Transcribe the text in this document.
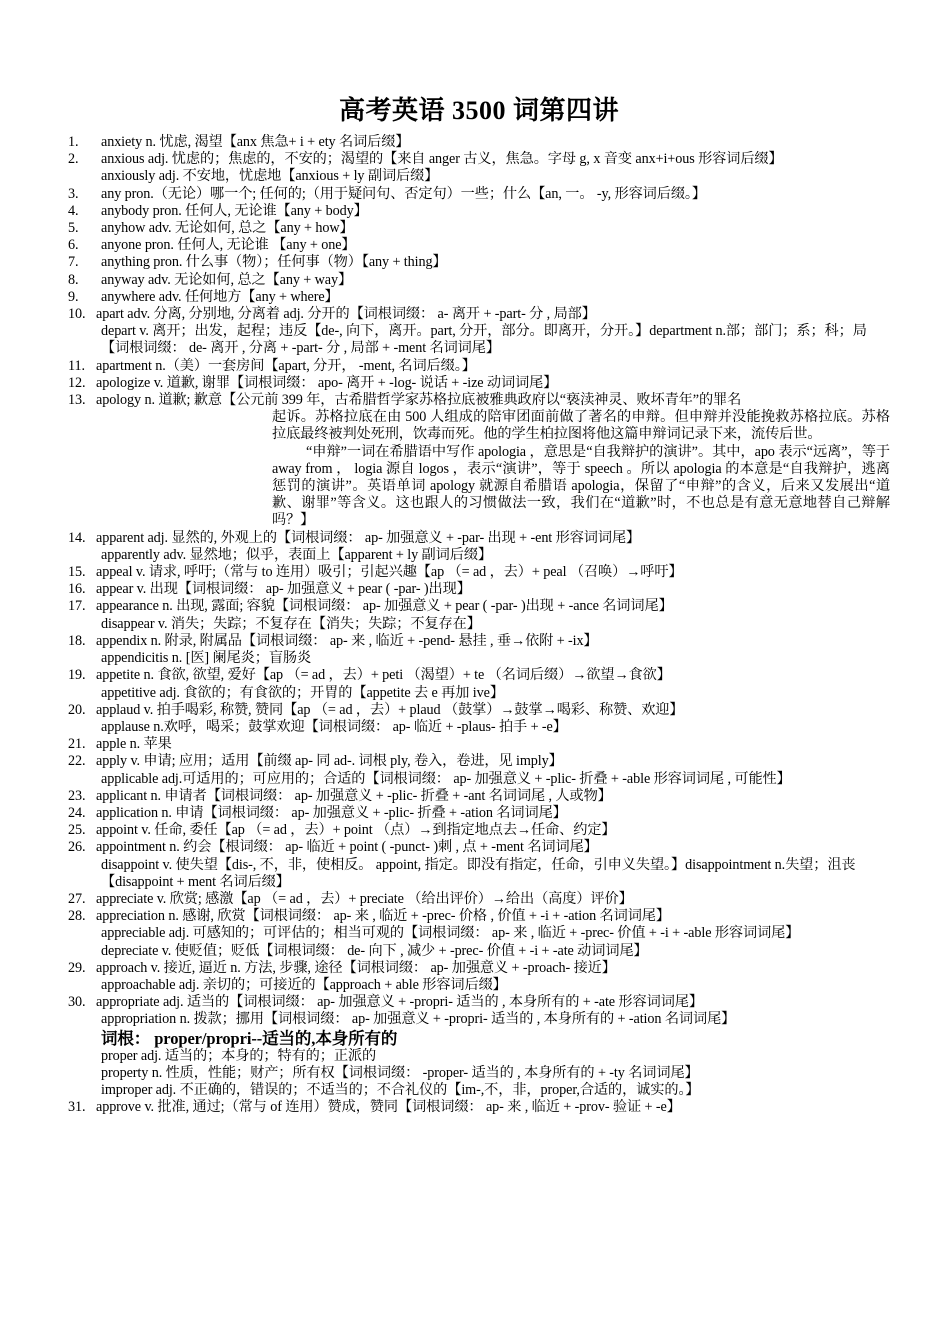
高考英语 3500 词第四讲
1.	anxiety n. 忧虑, 渴望【anx 焦急+ i + ety 名词后缀】
2.	anxious adj. 忧虑的；焦虑的，不安的；渴望的【来自 anger 古义，焦急。字母 g, x 音变 anx+i+ous 形容词后缀】
anxiously adj. 不安地，忧虑地【anxious + ly 副词后缀】
3.	any pron.（无论）哪一个; 任何的;（用于疑问句、否定句）一些；什么【an, 一。 -y, 形容词后缀。】
4.	anybody pron. 任何人, 无论谁【any + body】
5.	anyhow adv. 无论如何, 总之【any + how】
6.	anyone pron. 任何人, 无论谁 【any + one】
7.	anything pron. 什么事（物）；任何事（物）【any + thing】
8.	anyway adv. 无论如何, 总之【any + way】
9.	anywhere adv. 任何地方【any + where】
10. apart adv. 分离, 分别地, 分离着 adj. 分开的【词根词缀： a- 离开 + -part- 分 , 局部】
depart v. 离开；出发，起程；违反【de-, 向下，离开。part, 分开，部分。即离开，分开。】department n.部；部门；系；科；局【词根词缀： de- 离开 , 分离 + -part- 分 , 局部 + -ment 名词词尾】
11. apartment n.（美）一套房间【apart, 分开， -ment, 名词后缀。】
12. apologize v. 道歉, 谢罪【词根词缀： apo- 离开 + -log- 说话 + -ize 动词词尾】
13. apology n. 道歉; 歉意【公元前 399 年，古希腊哲学家苏格拉底被雅典政府以“亵渎神灵、败坏青年”的罪名
起诉。苏格拉底在由 500 人组成的陪审团面前做了著名的申辩。但申辩并没能挽救苏格拉底。苏格拉底最终被判处死刑，饮毒而死。他的学生柏拉图将他这篇申辩词记录下来，流传后世。
“申辩”一词在希腊语中写作 apologia ，意思是“自我辩护的演讲”。其中，apo 表示“远离”，等于 away from ， logia 源自 logos ，表示“演讲”，等于 speech 。所以 apologia 的本意是“自我辩护，逃离惩罚的演讲”。英语单词 apology 就源自希腊语 apologia，保留了“申辩”的含义，后来又发展出“道歉、谢罪”等含义。这也跟人的习惯做法一致，我们在“道歉”时，不也总是有意无意地替自己辩解吗？】
14. apparent adj. 显然的, 外观上的【词根词缀： ap- 加强意义 + -par- 出现 + -ent 形容词词尾】
apparently adv. 显然地；似乎，表面上【apparent + ly 副词后缀】
15. appeal v. 请求, 呼吁;（常与 to 连用）吸引；引起兴趣【ap （= ad ，去）+ peal （召唤）→呼吁】
16. appear v. 出现【词根词缀： ap- 加强意义 + pear ( -par- )出现】
17. appearance n. 出现, 露面; 容貌【词根词缀： ap- 加强意义 + pear ( -par- )出现 + -ance 名词词尾】
disappear v. 消失；失踪；不复存在【消失；失踪；不复存在】
18. appendix n. 附录, 附属品【词根词缀： ap- 来 , 临近 + -pend- 悬挂 , 垂→依附 + -ix】
appendicitis n. [医] 阑尾炎；盲肠炎
19. appetite n. 食欲, 欲望, 爱好【ap （= ad ，去）+ peti （渴望）+ te （名词后缀）→欲望→食欲】
appetitive adj. 食欲的；有食欲的；开胃的【appetite 去 e 再加 ive】
20. applaud v. 拍手喝彩, 称赞, 赞同【ap （= ad ，去）+ plaud （鼓掌）→鼓掌→喝彩、称赞、欢迎】
applause n.欢呼，喝采；鼓掌欢迎【词根词缀： ap- 临近 + -plaus- 拍手 + -e】
21. apple n. 苹果
22. apply v. 申请; 应用；适用【前缀 ap- 同 ad-. 词根 ply, 卷入，卷进，见 imply】
applicable adj.可适用的；可应用的；合适的【词根词缀： ap- 加强意义 + -plic- 折叠 + -able 形容词词尾 , 可能性】
23. applicant n. 申请者【词根词缀： ap- 加强意义 + -plic- 折叠 + -ant 名词词尾 , 人或物】
24. application n. 申请【词根词缀： ap- 加强意义 + -plic- 折叠 + -ation 名词词尾】
25. appoint v. 任命, 委任【ap （= ad ，去）+ point （点）→到指定地点去→任命、约定】
26. appointment n. 约会【根词缀： ap- 临近 + point ( -punct- )刺 , 点 + -ment 名词词尾】
disappoint v. 使失望【dis-, 不，非，使相反。 appoint, 指定。即没有指定，任命，引申义失望。】disappointment n.失望；沮丧【disappoint + ment 名词后缀】
27. appreciate v. 欣赏; 感激【ap （= ad ，去）+ preciate （给出评价）→给出（高度）评价】
28. appreciation n. 感谢, 欣赏【词根词缀： ap- 来 , 临近 + -prec- 价格 , 价值 + -i + -ation 名词词尾】
appreciable adj. 可感知的；可评估的；相当可观的【词根词缀： ap- 来 , 临近 + -prec- 价值 + -i + -able 形容词词尾】
depreciate v. 使贬值；贬低【词根词缀： de- 向下 , 减少 + -prec- 价值 + -i + -ate 动词词尾】
29. approach v. 接近, 逼近 n. 方法, 步骤, 途径【词根词缀： ap- 加强意义 + -proach- 接近】
approachable adj. 亲切的；可接近的【approach + able 形容词后缀】
30. appropriate adj. 适当的【词根词缀： ap- 加强意义 + -propri- 适当的 , 本身所有的 + -ate 形容词词尾】
appropriation n. 拨款；挪用【词根词缀： ap- 加强意义 + -propri- 适当的 , 本身所有的 + -ation 名词词尾】
词根： proper/propri--适当的,本身所有的
proper adj. 适当的；本身的；特有的；正派的
property n. 性质，性能；财产；所有权【词根词缀： -proper- 适当的 , 本身所有的 + -ty 名词词尾】
improper adj. 不正确的，错误的；不适当的；不合礼仪的【im-,不，非，proper,合适的，诚实的。】
31. approve v. 批准, 通过;（常与 of 连用）赞成，赞同【词根词缀： ap- 来 , 临近 + -prov- 验证 + -e】
